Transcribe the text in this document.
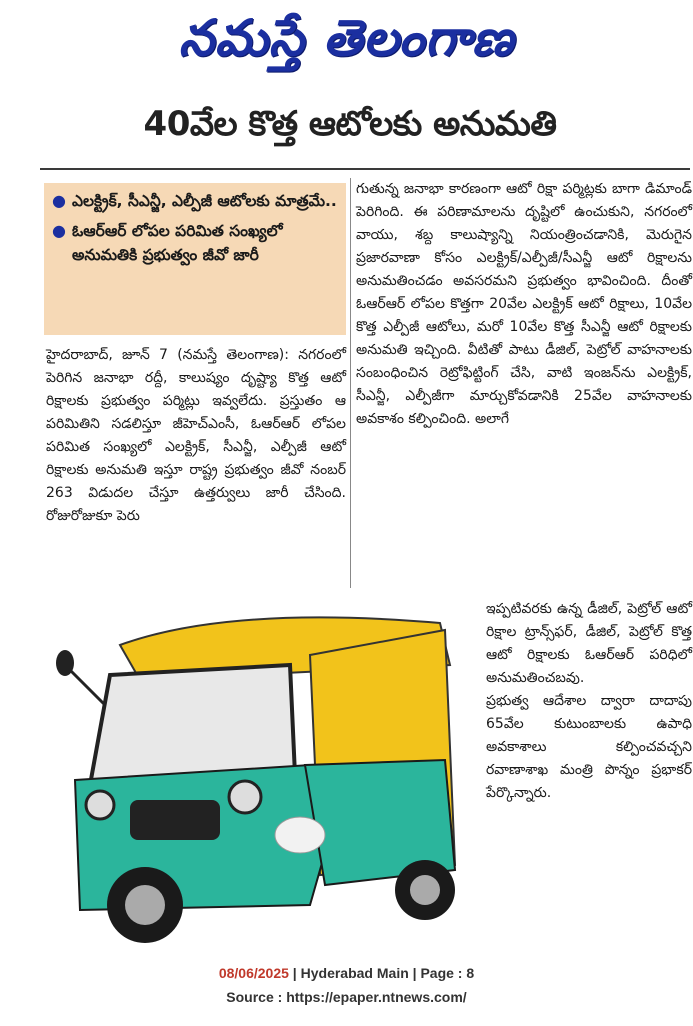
నమస్తే తెలంగాణ
40వేల కొత్త ఆటోలకు అనుమతి
● ఎలక్ట్రిక్, సీఎన్జీ, ఎల్పీజీ ఆటోలకు మాత్రమే..
● ఓఆర్ఆర్ లోపల పరిమిత సంఖ్యలో అనుమతికి ప్రభుత్వం జీవో జారీ

హైదరాబాద్, జూన్ 7 (నమస్తే తెలంగాణ): నగరంలో పెరిగిన జనాభా రద్దీ, కాలుష్యం దృష్ట్యా కొత్త ఆటో రిక్షాలకు ప్రభుత్వం పర్మిట్లు ఇవ్వలేదు. ప్రస్తుతం ఆ పరిమితిని సడలిస్తూ జీహెచ్ఎంసీ, ఓఆర్ఆర్ లోపల పరిమిత సంఖ్యలో ఎలక్ట్రిక్, సీఎన్జీ, ఎల్పీజీ ఆటో రిక్షాలకు అనుమతి ఇస్తూ రాష్ట్ర ప్రభుత్వం జీవో నంబర్ 263 విడుదల చేస్తూ ఉత్తర్వులు జారీ చేసింది. రోజురోజుకూ పెరు

గుతున్న జనాభా కారణంగా ఆటో రిక్షా పర్మిట్లకు బాగా డిమాండ్ పెరిగింది. ఈ పరిణామాలను దృష్టిలో ఉంచుకుని, నగరంలో వాయు, శబ్ద కాలుష్యాన్ని నియంత్రించడానికి, మెరుగైన ప్రజారవాణా కోసం ఎలక్ట్రిక్/ఎల్పీజీ/సీఎన్జీ ఆటో రిక్షాలను అనుమతించడం అవసరమని ప్రభుత్వం భావించింది. దీంతో ఓఆర్ఆర్ లోపల కొత్తగా 20వేల ఎలక్ట్రిక్ ఆటో రిక్షాలు, 10వేల కొత్త ఎల్పీజీ ఆటోలు, మరో 10వేల కొత్త సీఎన్జీ ఆటో రిక్షాలకు అనుమతి ఇచ్చింది. వీటితో పాటు డీజిల్, పెట్రోల్ వాహనాలకు సంబంధించిన రెట్రోఫిట్టింగ్ చేసి, వాటి ఇంజన్‌ను ఎలక్ట్రిక్, సీఎన్జీ, ఎల్పీజీగా మార్చుకోవడానికి 25వేల వాహనాలకు అవకాశం కల్పించింది. అలాగే

ఇప్పటివరకు ఉన్న డీజిల్, పెట్రోల్ ఆటో రిక్షాల ట్రాన్స్‌ఫర్, డీజిల్, పెట్రోల్ కొత్త ఆటో రిక్షాలకు ఓఆర్ఆర్ పరిధిలో అనుమతించబవు.

ప్రభుత్వ ఆదేశాల ద్వారా దాదాపు 65వేల కుటుంబాలకు ఉపాధి అవకాశాలు కల్పించవచ్చని రవాణాశాఖ మంత్రి పొన్నం ప్రభాకర్ పేర్కొన్నారు.

08/06/2025 | Hyderabad Main | Page : 8
Source : https://epaper.ntnews.com/
